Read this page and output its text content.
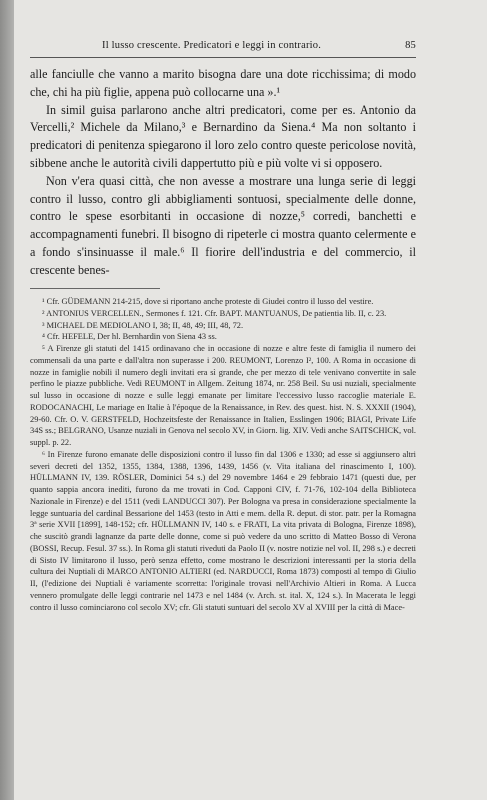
Il lusso crescente. Predicatori e leggi in contrario.	85

alle fanciulle che vanno a marito bisogna dare una dote ricchissima; di modo che, chi ha più figlie, appena può collocarne una ».¹

In simil guisa parlarono anche altri predicatori, come per es. Antonio da Vercelli,² Michele da Milano,³ e Bernardino da Siena.⁴ Ma non soltanto i predicatori di penitenza spiegarono il loro zelo contro queste pericolose novità, sibbene anche le autorità civili dappertutto più e più volte vi si opposero.

Non v'era quasi città, che non avesse a mostrare una lunga serie di leggi contro il lusso, contro gli abbigliamenti sontuosi, specialmente delle donne, contro le spese esorbitanti in occasione di nozze,⁵ corredi, banchetti e accompagnamenti funebri. Il bisogno di ripeterle ci mostra quanto celermente e a fondo s'insinuasse il male.⁶ Il fiorire dell'industria e del commercio, il crescente benes-

¹ Cfr. GÜDEMANN 214-215, dove si riportano anche proteste di Giudei contro il lusso del vestire.

² ANTONIUS VERCELLEN., Sermones f. 121. Cfr. BAPT. MANTUANUS, De patientia lib. II, c. 23.

³ MICHAEL DE MEDIOLANO I, 38; II, 48, 49; III, 48, 72.

⁴ Cfr. HEFELE, Der hl. Bernhardin von Siena 43 ss.

⁵ A Firenze gli statuti del 1415 ordinavano che in occasione di nozze e altre feste di famiglia il numero dei commensali da una parte e dall'altra non superasse i 200. REUMONT, Lorenzo I², 100. A Roma in occasione di nozze in famiglie nobili il numero degli invitati era sì grande, che per mezzo di tele venivano convertite in sale perfino le piazze pubbliche. Vedi REUMONT in Allgem. Zeitung 1874, nr. 258 Beil. Su usi nuziali, specialmente sul lusso in occasione di nozze e sulle leggi emanate per limitare l'eccessivo lusso raccoglie materiale E. RODOCANACHI, Le mariage en Italie à l'époque de la Renaissance, in Rev. des quest. hist. N. S. XXXII (1904), 29-60. Cfr. O. V. GERSTFELD, Hochzeitsfeste der Renaissance in Italien, Esslingen 1906; BIAGI, Private Life 34S ss.; BELGRANO, Usanze nuziali in Genova nel secolo XV, in Giorn. lig. XIV. Vedi anche SAITSCHICK, vol. suppl. p. 22.

⁶ In Firenze furono emanate delle disposizioni contro il lusso fin dal 1306 e 1330; ad esse si aggiunsero altri severi decreti del 1352, 1355, 1384, 1388, 1396, 1439, 1456 (v. Vita italiana del rinascimento I, 100). HÜLLMANN IV, 139. RÖSLER, Dominici 54 s.) del 29 novembre 1464 e 29 febbraio 1471 (questi due, per quanto sappia ancora inediti, furono da me trovati in Cod. Capponi CIV, f. 71-76, 102-104 della Biblioteca Nazionale in Firenze) e del 1511 (vedi LANDUCCI 307). Per Bologna va presa in considerazione specialmente la legge suntuaria del cardinal Bessarione del 1453 (testo in Atti e mem. della R. deput. di stor. patr. per la Romagna 3ª serie XVII [1899], 148-152; cfr. HÜLLMANN IV, 140 s. e FRATI, La vita privata di Bologna, Firenze 1898), che suscitò grandi lagnanze da parte delle donne, come si può vedere da uno scritto di Matteo Bosso di Verona (BOSSI, Recup. Fesul. 37 ss.). In Roma gli statuti riveduti da Paolo II (v. nostre notizie nel vol. II, 298 s.) e decreti di Sisto IV limitarono il lusso, però senza effetto, come mostrano le descrizioni interessanti per la storia della cultura dei Nuptiali di MARCO ANTONIO ALTIERI (ed. NARDUCCI, Roma 1873) composti al tempo di Giulio II, (l'edizione dei Nuptiali è variamente scorretta: l'originale trovasi nell'Archivio Altieri in Roma. A Lucca vennero promulgate delle leggi contrarie nel 1473 e nel 1484 (v. Arch. st. ital. X, 124 s.). In Macerata le leggi contro il lusso cominciarono col secolo XV; cfr. Gli statuti suntuari del secolo XV al XVIII per la città di Mace-
